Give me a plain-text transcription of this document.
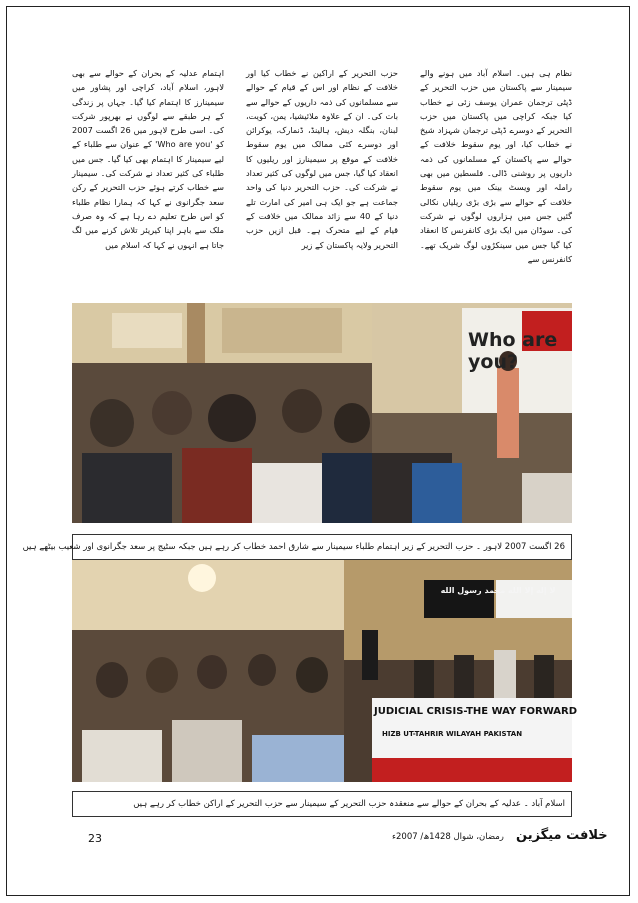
نظام ہی ہیں۔ اسلام آباد میں ہونے والے سیمینار سے پاکستان میں حزب التحریر کے ڈپٹی ترجمان عمران یوسف زئی نے خطاب کیا جبکہ کراچی میں پاکستان میں حزب التحریر کے دوسرے ڈپٹی ترجمان شہزاد شیخ نے خطاب کیا، اور یوم سقوط خلافت کے حوالے سے پاکستان کے مسلمانوں کی ذمہ داریوں پر روشنی ڈالی۔ فلسطین میں بھی راملہ اور ویسٹ بینک میں یوم سقوط خلافت کے حوالے سے بڑی بڑی ریلیاں نکالی گئیں جس میں ہزاروں لوگوں نے شرکت کی۔ سوڈان میں ایک بڑی کانفرنس کا انعقاد کیا گیا جس میں سینکڑوں لوگ شریک تھے۔ کانفرنس سے

حزب التحریر کے اراکین نے خطاب کیا اور خلافت کے نظام اور اس کے قیام کے حوالے سے مسلمانوں کی ذمہ داریوں کے حوالے سے بات کی۔ ان کے علاوہ ملائیشیا، یمن، کویت، لبنان، بنگلہ دیش، ہالینڈ، ڈنمارک، یوکرائن اور دوسرے کئی ممالک میں یوم سقوط خلافت کے موقع پر سیمینارز اور ریلیوں کا انعقاد کیا گیا، جس میں لوگوں کی کثیر تعداد نے شرکت کی۔ حزب التحریر دنیا کی واحد جماعت ہے جو ایک ہی امیر کی امارت تلے دنیا کے 40 سے زائد ممالک میں خلافت کے قیام کے لیے متحرک ہے۔ قبل ازیں حزب التحریر ولایہ پاکستان کے زیر

اہتمام عدلیہ کے بحران کے حوالے سے بھی لاہور، اسلام آباد، کراچی اور پشاور میں سیمینارز کا اہتمام کیا گیا۔ جہاں پر زندگی کے ہر طبقے سے لوگوں نے بھرپور شرکت کی۔ اسی طرح لاہور میں 26 اگست 2007 کو 'Who are you' کے عنوان سے طلباء کے لیے سیمینار کا اہتمام بھی کیا گیا۔ جس میں طلباء کی کثیر تعداد نے شرکت کی۔ سیمینار سے خطاب کرتے ہوئے حزب التحریر کے رکن سعد جگرانوی نے کہا کہ ہمارا نظام طلباء کو اس طرح تعلیم دے رہا ہے کہ وہ صرف ملک سے باہر اپنا کیریئر تلاش کرنے میں لگ جاتا ہے انہوں نے کہا کہ اسلام میں

Who are you?
26 اگست 2007 لاہور ۔ حزب التحریر کے زیر اہتمام طلباء سیمینار سے شارق احمد خطاب کر رہے ہیں جبکہ سٹیج پر سعد جگرانوی اور شعیب بیٹھے ہیں
لا إله إلا الله محمد رسول الله
JUDICIAL CRISIS-THE WAY FORWARD
HIZB UT-TAHRIR WILAYAH PAKISTAN
اسلام آباد ۔ عدلیہ کے بحران کے حوالے سے منعقدہ حزب التحریر کے سیمینار سے حزب التحریر کے اراکن خطاب کر رہے ہیں
23	رمضان، شوال 1428ھ/ 2007ء خلافت میگزین
